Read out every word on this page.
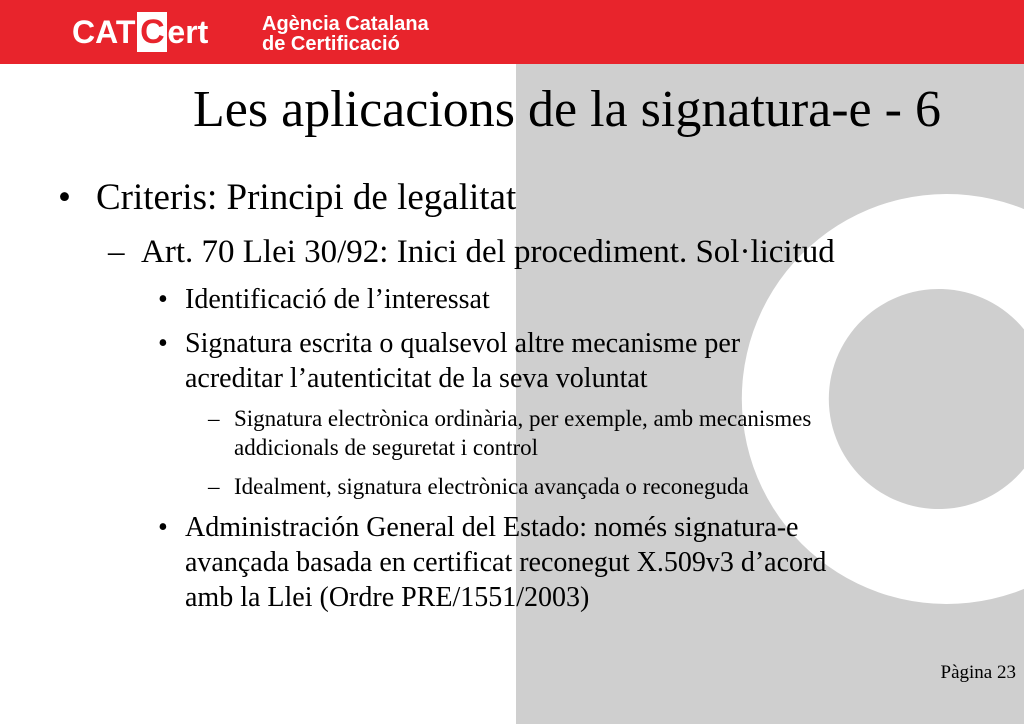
CAT C ert	Agència Catalana
de Certificació
Les aplicacions de la signatura-e - 6
• Criteris: Principi de legalitat
– Art. 70 Llei 30/92: Inici del procediment. Sol·licitud
• Identificació de l’interessat
• Signatura escrita o qualsevol altre mecanisme per
acreditar l’autenticitat de la seva voluntat
– Signatura electrònica ordinària, per exemple, amb mecanismes
addicionals de seguretat i control
– Idealment, signatura electrònica avançada o reconeguda
• Administración General del Estado: només signatura-e
avançada basada en certificat reconegut X.509v3 d’acord
amb la Llei (Ordre PRE/1551/2003)
Pàgina 23
